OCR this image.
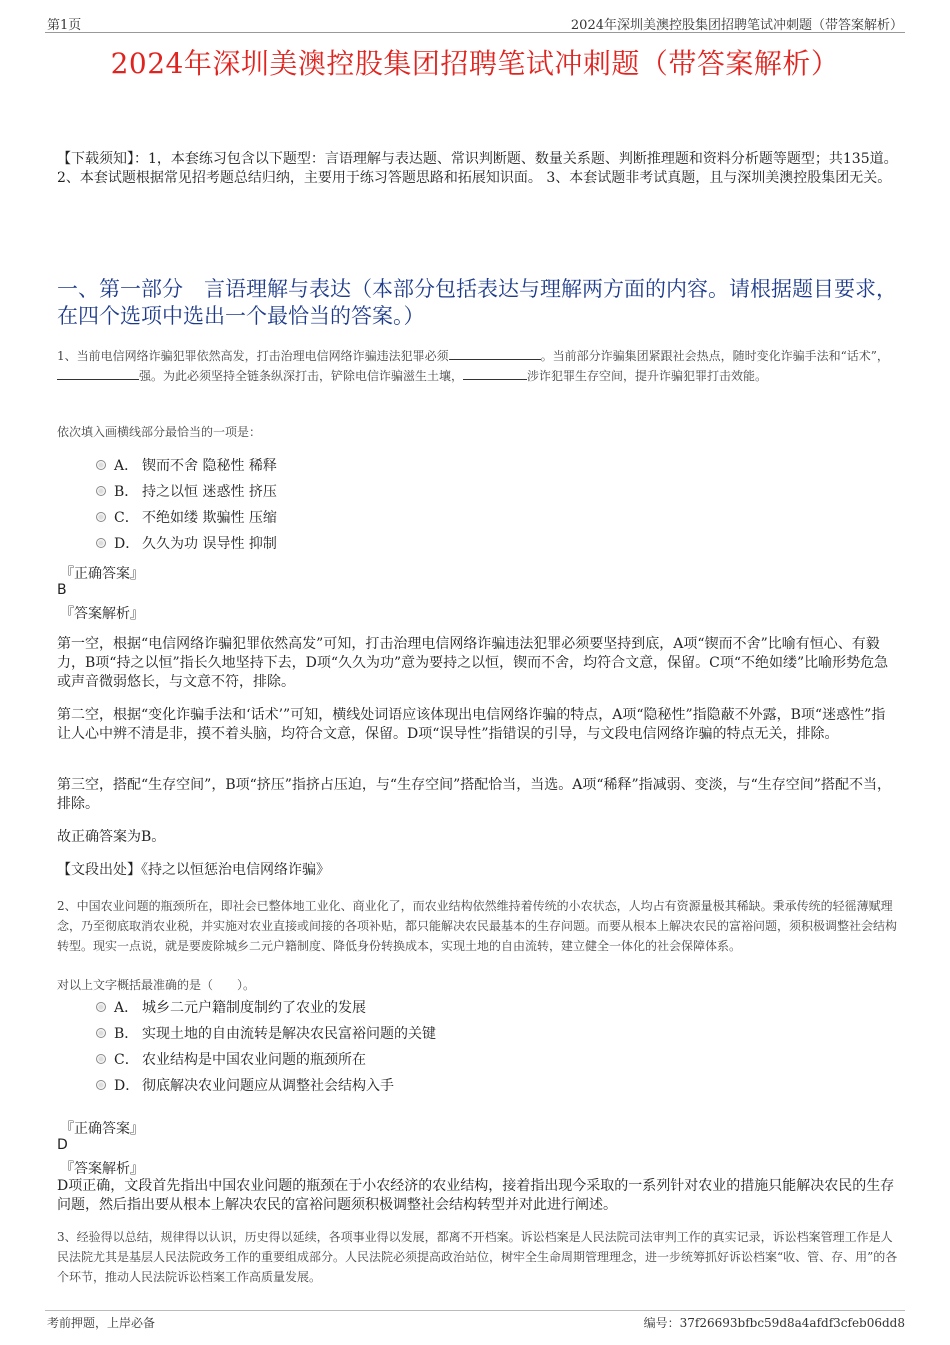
第1页	2024年深圳美澳控股集团招聘笔试冲刺题（带答案解析）
2024年深圳美澳控股集团招聘笔试冲刺题（带答案解析）
【下载须知】：1，本套练习包含以下题型：言语理解与表达题、常识判断题、数量关系题、判断推理题和资料分析题等题型；共135道。 2、本套试题根据常见招考题总结归纳，主要用于练习答题思路和拓展知识面。 3、本套试题非考试真题，且与深圳美澳控股集团无关。
一、第一部分　言语理解与表达（本部分包括表达与理解两方面的内容。请根据题目要求，在四个选项中选出一个最恰当的答案。）
1、当前电信网络诈骗犯罪依然高发，打击治理电信网络诈骗违法犯罪必须	。当前部分诈骗集团紧跟社会热点，随时变化诈骗手法和“话术”，强。为此必须坚持全链条纵深打击，铲除电信诈骗滋生土壤，	涉诈犯罪生存空间，提升诈骗犯罪打击效能。
依次填入画横线部分最恰当的一项是：
A． 锲而不舍 隐秘性 稀释
B． 持之以恒 迷惑性 挤压
C． 不绝如缕 欺骗性 压缩
D． 久久为功 误导性 抑制
『正确答案』
B
『答案解析』
第一空，根据“电信网络诈骗犯罪依然高发”可知，打击治理电信网络诈骗违法犯罪必须要坚持到底，A项“锲而不舍”比喻有恒心、有毅力，B项“持之以恒”指长久地坚持下去，D项“久久为功”意为要持之以恒，锲而不舍，均符合文意，保留。C项“不绝如缕”比喻形势危急或声音微弱悠长，与文意不符，排除。
第二空，根据“变化诈骗手法和‘话术’”可知，横线处词语应该体现出电信网络诈骗的特点，A项“隐秘性”指隐蔽不外露，B项“迷惑性”指让人心中辨不清是非，摸不着头脑，均符合文意，保留。D项“误导性”指错误的引导，与文段电信网络诈骗的特点无关，排除。
第三空，搭配“生存空间”，B项“挤压”指挤占压迫，与“生存空间”搭配恰当，当选。A项“稀释”指减弱、变淡，与“生存空间”搭配不当，排除。
故正确答案为B。
【文段出处】《持之以恒惩治电信网络诈骗》
2、中国农业问题的瓶颈所在，即社会已整体地工业化、商业化了，而农业结构依然维持着传统的小农状态，人均占有资源量极其稀缺。秉承传统的轻徭薄赋理念，乃至彻底取消农业税，并实施对农业直接或间接的各项补贴，都只能解决农民最基本的生存问题。而要从根本上解决农民的富裕问题，须积极调整社会结构转型。现实一点说，就是要废除城乡二元户籍制度、降低身份转换成本，实现土地的自由流转，建立健全一体化的社会保障体系。
对以上文字概括最准确的是（　　）。
A． 城乡二元户籍制度制约了农业的发展
B． 实现土地的自由流转是解决农民富裕问题的关键
C． 农业结构是中国农业问题的瓶颈所在
D． 彻底解决农业问题应从调整社会结构入手
『正确答案』
D
『答案解析』
D项正确，文段首先指出中国农业问题的瓶颈在于小农经济的农业结构，接着指出现今采取的一系列针对农业的措施只能解决农民的生存问题，然后指出要从根本上解决农民的富裕问题须积极调整社会结构转型并对此进行阐述。
3、经验得以总结，规律得以认识，历史得以延续，各项事业得以发展，都离不开档案。诉讼档案是人民法院司法审判工作的真实记录，诉讼档案管理工作是人民法院尤其是基层人民法院政务工作的重要组成部分。人民法院必须提高政治站位，树牢全生命周期管理理念，进一步统筹抓好诉讼档案“收、管、存、用”的各个环节，推动人民法院诉讼档案工作高质量发展。
考前押题，上岸必备	编号：37f26693bfbc59d8a4afdf3cfeb06dd8
